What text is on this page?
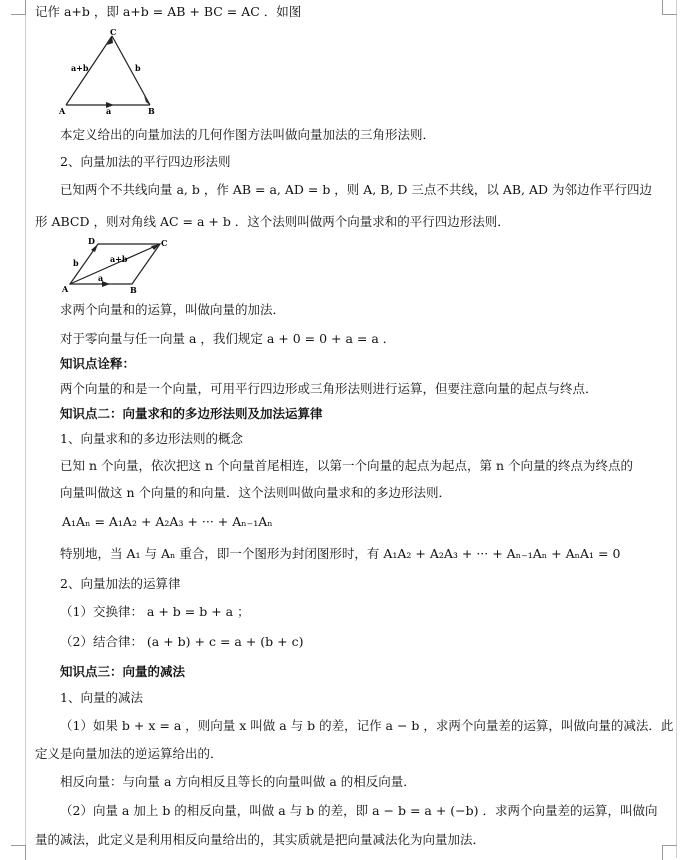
记作 a+b ，即 a+b = AB + BC = AC ．如图
本定义给出的向量加法的几何作图方法叫做向量加法的三角形法则．
2、向量加法的平行四边形法则
已知两个不共线向量 a, b ，作 AB = a, AD = b ，则 A, B, D 三点不共线，以 AB, AD 为邻边作平行四边
形 ABCD ，则对角线 AC = a + b ．这个法则叫做两个向量求和的平行四边形法则．
求两个向量和的运算，叫做向量的加法．
对于零向量与任一向量 a ，我们规定 a + 0 = 0 + a = a ．
知识点诠释：
两个向量的和是一个向量，可用平行四边形或三角形法则进行运算，但要注意向量的起点与终点．
知识点二：向量求和的多边形法则及加法运算律
1、向量求和的多边形法则的概念
已知 n 个向量，依次把这 n 个向量首尾相连，以第一个向量的起点为起点，第 n 个向量的终点为终点的
向量叫做这 n 个向量的和向量．这个法则叫做向量求和的多边形法则．
A₁Aₙ = A₁A₂ + A₂A₃ + ··· + Aₙ₋₁Aₙ
特别地，当 A₁ 与 Aₙ 重合，即一个图形为封闭图形时，有 A₁A₂ + A₂A₃ + ··· + Aₙ₋₁Aₙ + AₙA₁ = 0
2、向量加法的运算律
（1）交换律： a + b = b + a ；
（2）结合律： (a + b) + c = a + (b + c)
知识点三：向量的减法
1、向量的减法
（1）如果 b + x = a ，则向量 x 叫做 a 与 b 的差，记作 a − b ，求两个向量差的运算，叫做向量的减法．此
定义是向量加法的逆运算给出的．
相反向量：与向量 a 方向相反且等长的向量叫做 a 的相反向量．
（2）向量 a 加上 b 的相反向量，叫做 a 与 b 的差，即 a − b = a + (−b) ．求两个向量差的运算，叫做向
量的减法，此定义是利用相反向量给出的，其实质就是把向量减法化为向量加法．
C
a+b	b
a
A	B
D	C
a+b
b
a
A	B
